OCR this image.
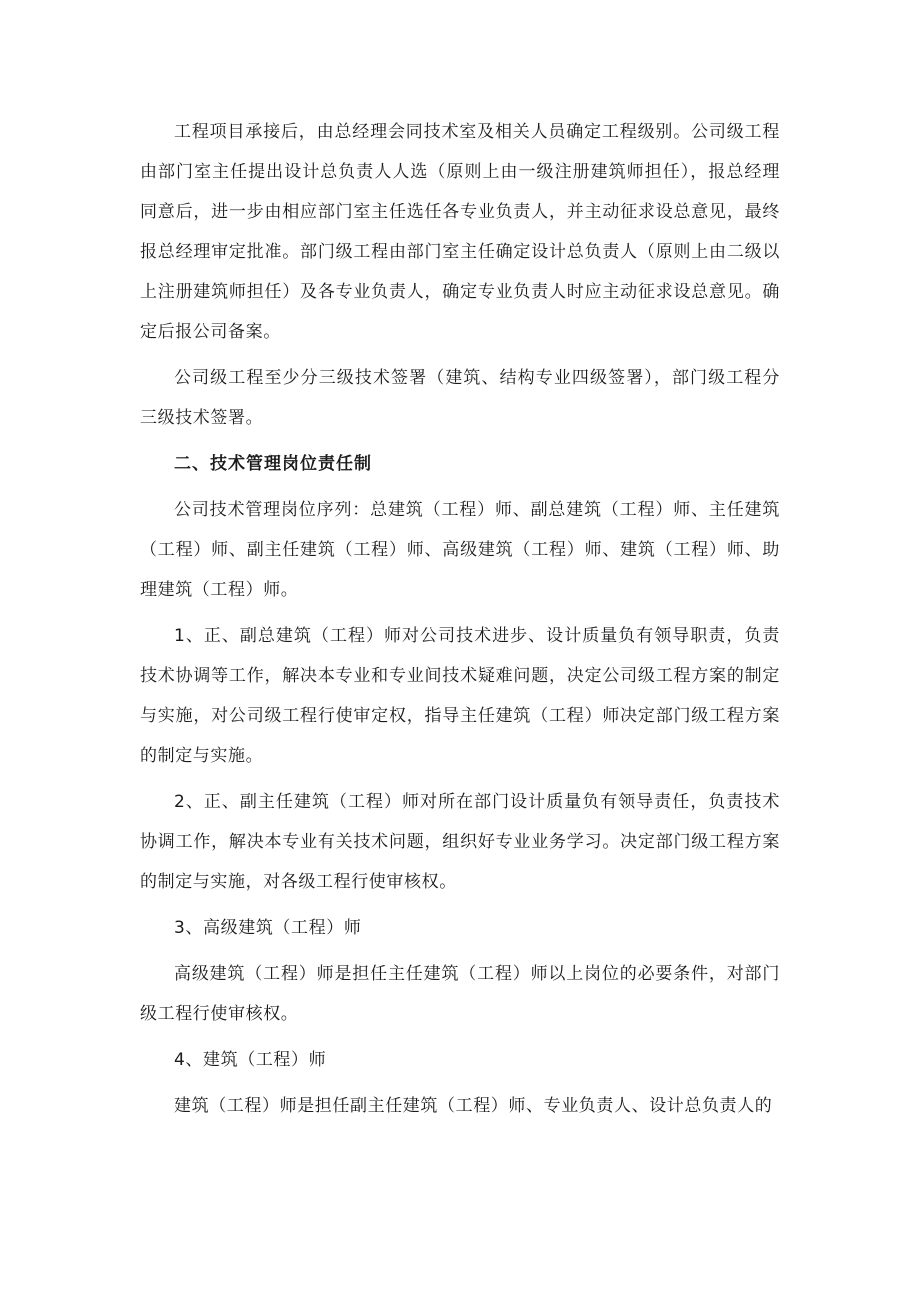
工程项目承接后，由总经理会同技术室及相关人员确定工程级别。公司级工程由部门室主任提出设计总负责人人选（原则上由一级注册建筑师担任），报总经理同意后，进一步由相应部门室主任选任各专业负责人，并主动征求设总意见，最终报总经理审定批准。部门级工程由部门室主任确定设计总负责人（原则上由二级以上注册建筑师担任）及各专业负责人，确定专业负责人时应主动征求设总意见。确定后报公司备案。

公司级工程至少分三级技术签署（建筑、结构专业四级签署），部门级工程分三级技术签署。

二、技术管理岗位责任制

公司技术管理岗位序列：总建筑（工程）师、副总建筑（工程）师、主任建筑（工程）师、副主任建筑（工程）师、高级建筑（工程）师、建筑（工程）师、助理建筑（工程）师。

1、正、副总建筑（工程）师对公司技术进步、设计质量负有领导职责，负责技术协调等工作，解决本专业和专业间技术疑难问题，决定公司级工程方案的制定与实施，对公司级工程行使审定权，指导主任建筑（工程）师决定部门级工程方案的制定与实施。

2、正、副主任建筑（工程）师对所在部门设计质量负有领导责任，负责技术协调工作，解决本专业有关技术问题，组织好专业业务学习。决定部门级工程方案的制定与实施，对各级工程行使审核权。

3、高级建筑（工程）师

高级建筑（工程）师是担任主任建筑（工程）师以上岗位的必要条件，对部门级工程行使审核权。

4、建筑（工程）师

建筑（工程）师是担任副主任建筑（工程）师、专业负责人、设计总负责人的
